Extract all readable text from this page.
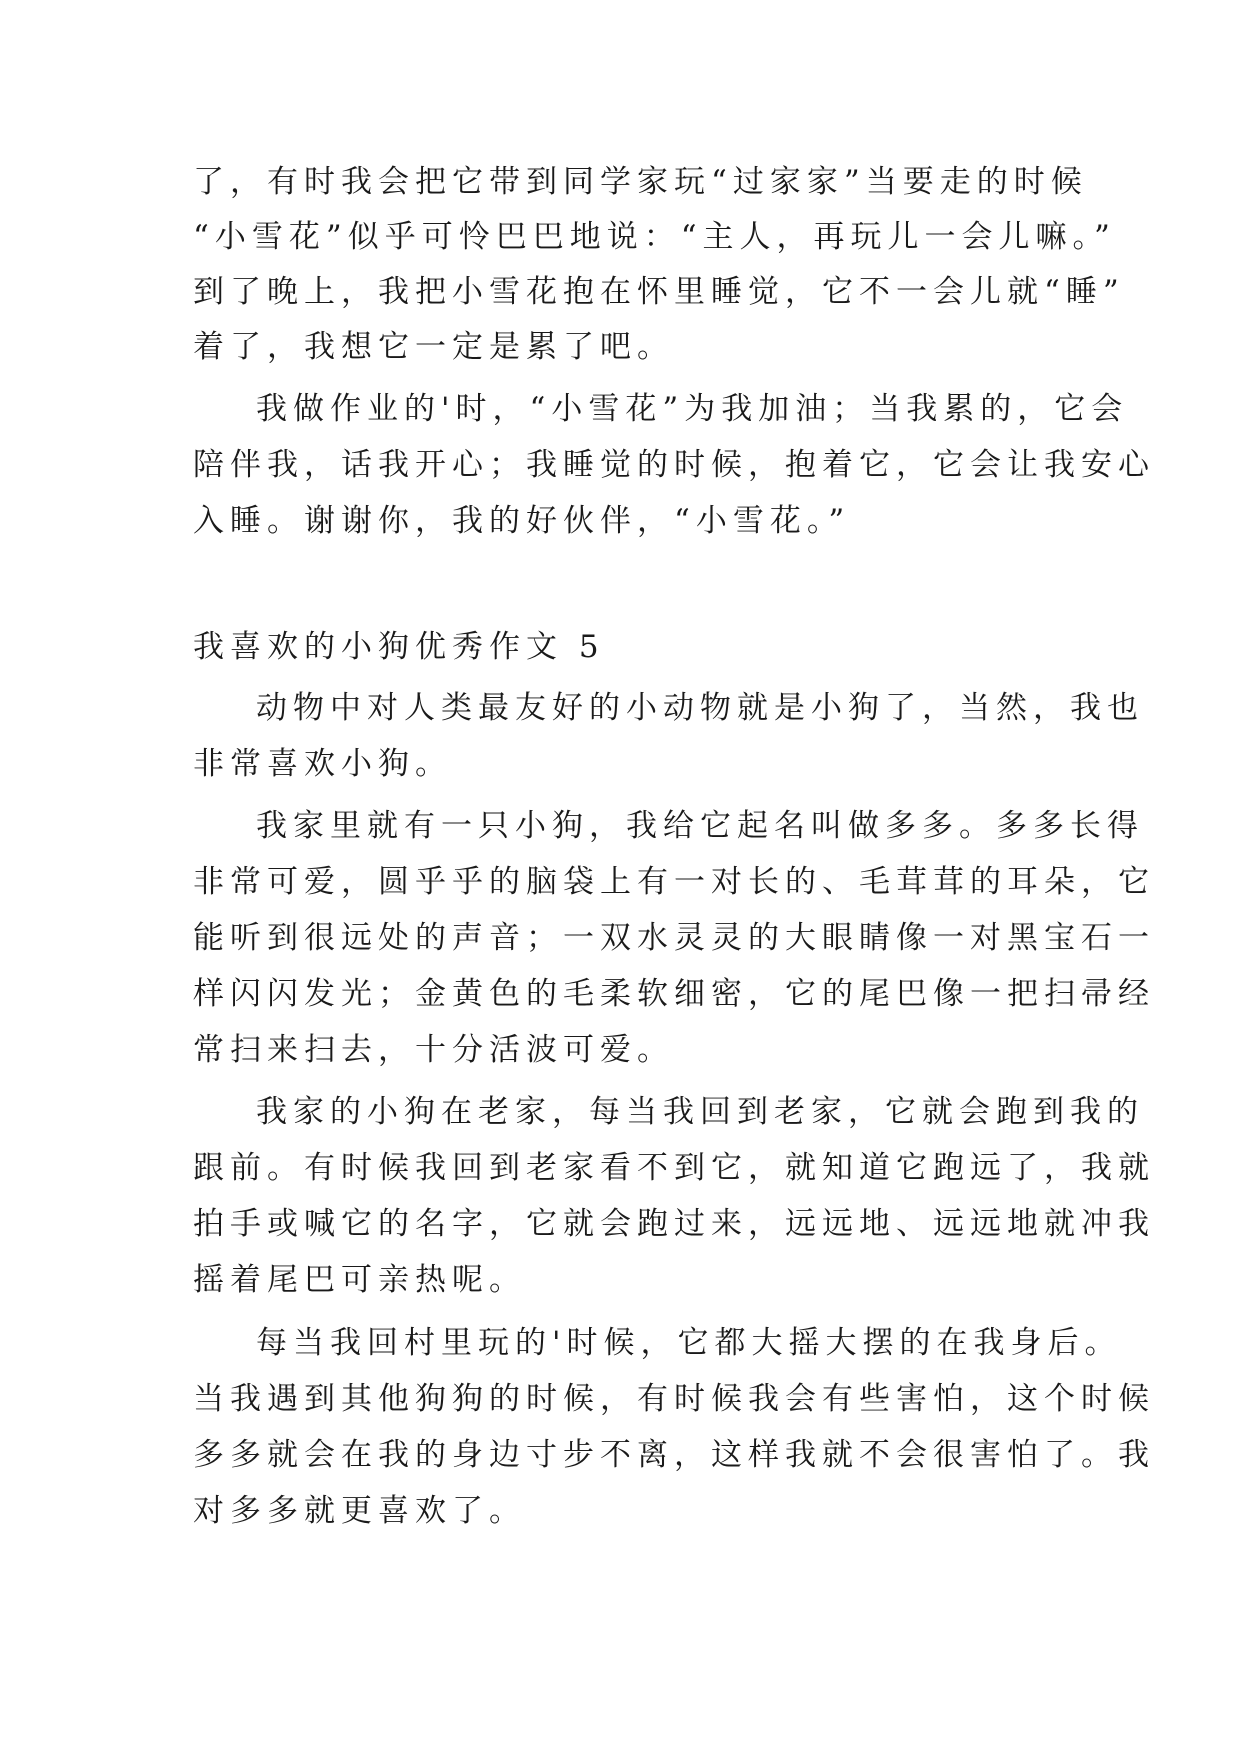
了，有时我会把它带到同学家玩“过家家”当要走的时候
“小雪花”似乎可怜巴巴地说：“主人，再玩儿一会儿嘛。”
到了晚上，我把小雪花抱在怀里睡觉，它不一会儿就“睡”
着了，我想它一定是累了吧。
我做作业的'时，“小雪花”为我加油；当我累的，它会
陪伴我，话我开心；我睡觉的时候，抱着它，它会让我安心
入睡。谢谢你，我的好伙伴，“小雪花。”
我喜欢的小狗优秀作文 5
动物中对人类最友好的小动物就是小狗了，当然，我也
非常喜欢小狗。
我家里就有一只小狗，我给它起名叫做多多。多多长得
非常可爱，圆乎乎的脑袋上有一对长的、毛茸茸的耳朵，它
能听到很远处的声音；一双水灵灵的大眼睛像一对黑宝石一
样闪闪发光；金黄色的毛柔软细密，它的尾巴像一把扫帚经
常扫来扫去，十分活波可爱。
我家的小狗在老家，每当我回到老家，它就会跑到我的
跟前。有时候我回到老家看不到它，就知道它跑远了，我就
拍手或喊它的名字，它就会跑过来，远远地、远远地就冲我
摇着尾巴可亲热呢。
每当我回村里玩的'时候，它都大摇大摆的在我身后。
当我遇到其他狗狗的时候，有时候我会有些害怕，这个时候
多多就会在我的身边寸步不离，这样我就不会很害怕了。我
对多多就更喜欢了。
